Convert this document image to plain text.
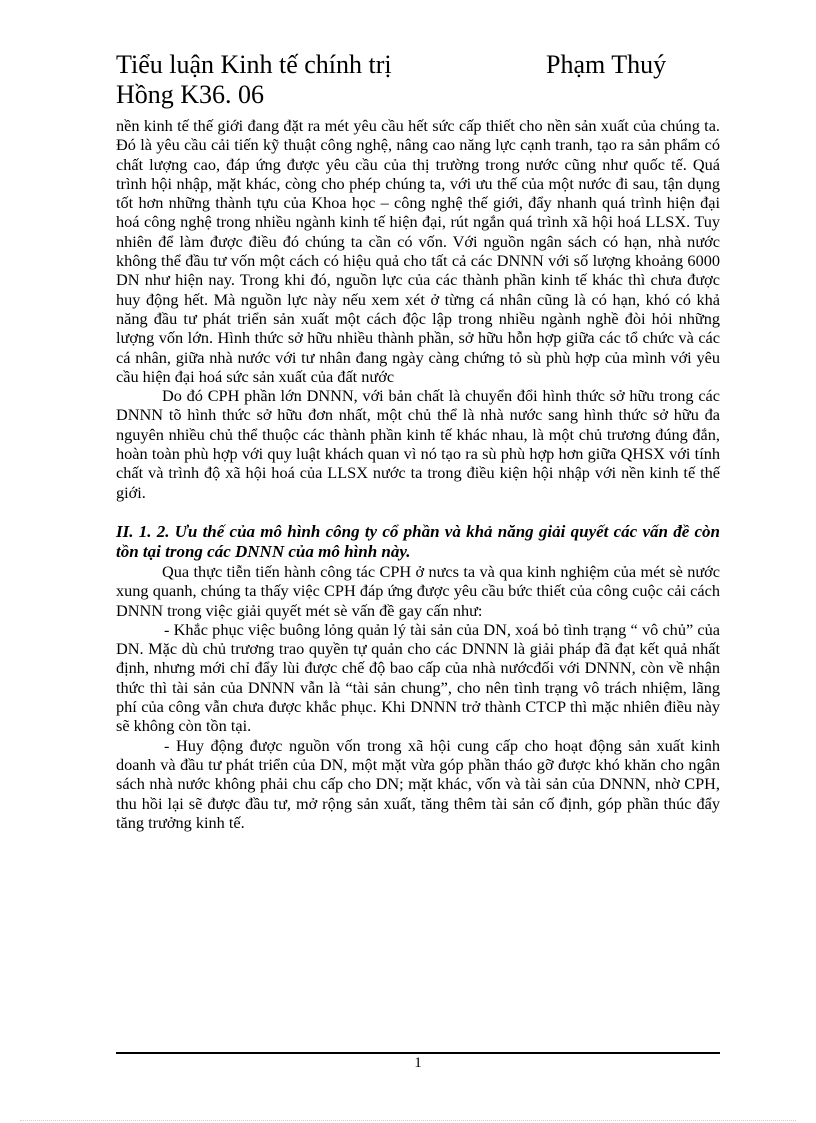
Tiểu luận Kinh tế chính trị	Phạm Thuý
Hồng K36. 06

nền kinh tế thế giới đang đặt ra mét yêu cầu hết sức cấp thiết cho nền sản xuất của chúng ta. Đó là yêu cầu cải tiến kỹ thuật công nghệ, nâng cao năng lực cạnh tranh, tạo ra sản phẩm có chất lượng cao, đáp ứng được yêu cầu của thị trường trong nước cũng như quốc tế. Quá trình hội nhập, mặt khác, còng cho phép chúng ta, với ưu thế của một nước đi sau, tận dụng tốt hơn những thành tựu của Khoa học – công nghệ thế giới, đẩy nhanh quá trình hiện đại hoá công nghệ trong nhiều ngành kinh tế hiện đại, rút ngắn quá trình xã hội hoá LLSX. Tuy nhiên để làm được điều đó chúng ta cần có vốn. Với nguồn ngân sách có hạn, nhà nước không thể đầu tư vốn một cách có hiệu quả cho tất cả các DNNN với số lượng khoảng 6000 DN như hiện nay. Trong khi đó, nguồn lực của các thành phần kinh tế khác thì chưa được huy động hết. Mà nguồn lực này nếu xem xét ở từng cá nhân cũng là có hạn, khó có khả năng đầu tư phát triển sản xuất một cách độc lập trong nhiều ngành nghề đòi hỏi những lượng vốn lớn. Hình thức sở hữu nhiều thành phần, sở hữu hỗn hợp giữa các tổ chức và các cá nhân, giữa nhà nước với tư nhân đang ngày càng chứng tỏ sù phù hợp của mình với yêu cầu hiện đại hoá sức sản xuất của đất nước

Do đó CPH phần lớn DNNN, với bản chất là chuyển đổi hình thức sở hữu trong các DNNN tõ hình thức sở hữu đơn nhất, một chủ thể là nhà nước sang hình thức sở hữu đa nguyên nhiều chủ thể thuộc các thành phần kinh tế khác nhau, là một chủ trương đúng đắn, hoàn toàn phù hợp với quy luật khách quan vì nó tạo ra sù phù hợp hơn giữa QHSX với tính chất và trình độ xã hội hoá của LLSX nước ta trong điều kiện hội nhập với nền kinh tế thế giới.

II. 1. 2. Ưu thế của mô hình công ty cổ phần và khả năng giải quyết các vấn đề còn tồn tại trong các DNNN của mô hình này.

Qua thực tiễn tiến hành công tác CPH ở nưcs ta và qua kinh nghiệm của mét sè nước xung quanh, chúng ta thấy việc CPH đáp ứng được yêu cầu bức thiết của công cuộc cải cách DNNN trong việc giải quyết mét sè vấn đề gay cấn như:

- Khắc phục việc buông lỏng quản lý tài sản của DN, xoá bỏ tình trạng “ vô chủ” của DN. Mặc dù chủ trương trao quyền tự quản cho các DNNN là giải pháp đã đạt kết quả nhất định, nhưng mới chỉ đẩy lùi được chế độ bao cấp của nhà nướcđối với DNNN, còn về nhận thức thì tài sản của DNNN vẫn là “tài sản chung”, cho nên tình trạng vô trách nhiệm, lãng phí của công vẫn chưa được khắc phục. Khi DNNN trở thành CTCP thì mặc nhiên điều này sẽ không còn tồn tại.

- Huy động được nguồn vốn trong xã hội cung cấp cho hoạt động sản xuất kinh doanh và đầu tư phát triển của DN, một mặt vừa góp phần tháo gỡ được khó khăn cho ngân sách nhà nước không phải chu cấp cho DN; mặt khác, vốn và tài sản của DNNN, nhờ CPH, thu hồi lại sẽ được đầu tư, mở rộng sản xuất, tăng thêm tài sản cố định, góp phần thúc đẩy tăng trưởng kinh tế.

1
